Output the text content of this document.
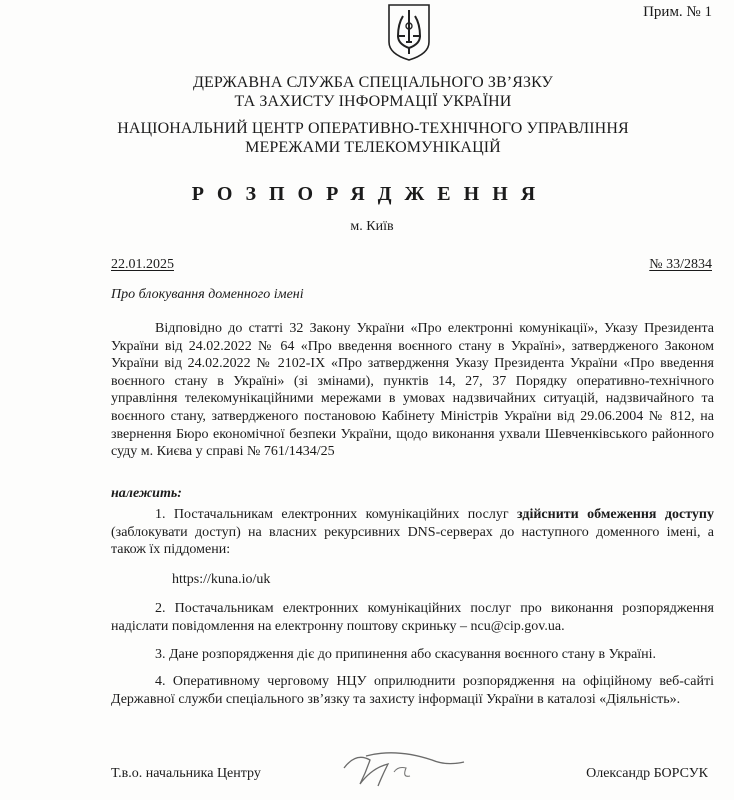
Прим. № 1
ДЕРЖАВНА СЛУЖБА СПЕЦІАЛЬНОГО ЗВ’ЯЗКУ
ТА ЗАХИСТУ ІНФОРМАЦІЇ УКРАЇНИ
НАЦІОНАЛЬНИЙ ЦЕНТР ОПЕРАТИВНО-ТЕХНІЧНОГО УПРАВЛІННЯ
МЕРЕЖАМИ ТЕЛЕКОМУНІКАЦІЙ
РОЗПОРЯДЖЕННЯ
м. Київ
22.01.2025	№ 33/2834
Про блокування доменного імені
Відповідно до статті 32 Закону України «Про електронні комунікації», Указу Президента України від 24.02.2022 № 64 «Про введення воєнного стану в Україні», затвердженого Законом України від 24.02.2022 № 2102-IX «Про затвердження Указу Президента України «Про введення воєнного стану в Україні» (зі змінами), пунктів 14, 27, 37 Порядку оперативно-технічного управління телекомунікаційними мережами в умовах надзвичайних ситуацій, надзвичайного та воєнного стану, затвердженого постановою Кабінету Міністрів України від 29.06.2004 № 812, на звернення Бюро економічної безпеки України, щодо виконання ухвали Шевченківського районного суду м. Києва у справі № 761/1434/25
належить:
1. Постачальникам електронних комунікаційних послуг здійснити обмеження доступу (заблокувати доступ) на власних рекурсивних DNS-серверах до наступного доменного імені, а також їх піддомени:
https://kuna.io/uk
2. Постачальникам електронних комунікаційних послуг про виконання розпорядження надіслати повідомлення на електронну поштову скриньку – ncu@cip.gov.ua.
3. Дане розпорядження діє до припинення або скасування воєнного стану в Україні.
4. Оперативному черговому НЦУ оприлюднити розпорядження на офіційному веб-сайті Державної служби спеціального зв’язку та захисту інформації України в каталозі «Діяльність».
Т.в.о. начальника Центру	Олександр БОРСУК
